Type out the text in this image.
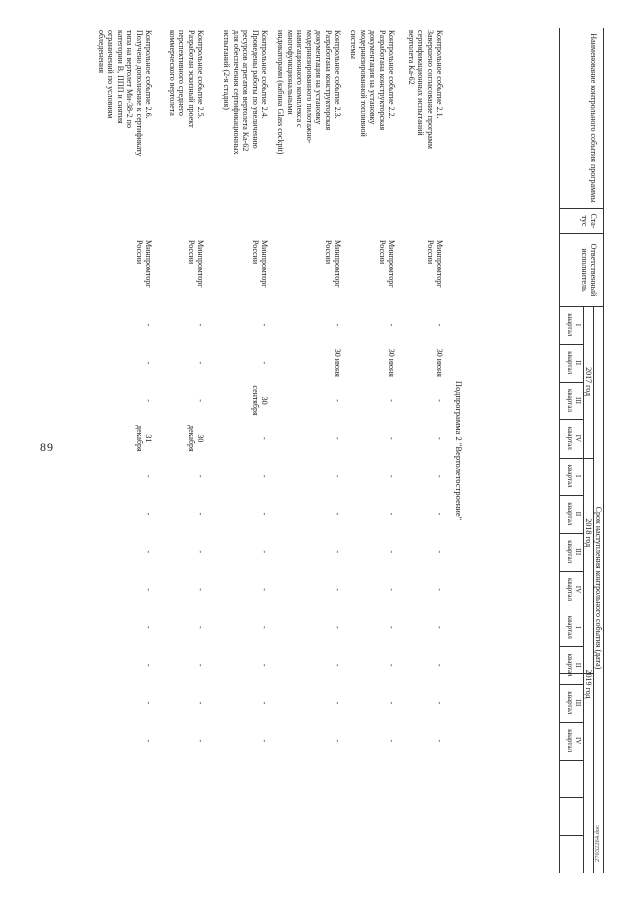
89
27032264.doc
Наименование контрольного события программы
Ста- тус
Ответственный исполнитель
Срок наступления контрольного события (дата)
2017 год
2018 год
2019 год
I
квартал
II
квартал
III
квартал
IV
квартал
I
квартал
II
квартал
III
квартал
IV
квартал
I
квартал
II
квартал
III
квартал
IV
квартал
Подпрограмма 2 "Вертолетостроение"
Контрольное событие 2.1.
Завершено согласование программ
сертификационных испытаний
вертолета Ка-62
Минпромторг
России
-
30 июня
-
-
-
-
-
-
-
-
-
-
Контрольное событие 2.2.
Разработана конструкторская
документация на установку
модернизированной топливной
системы
Минпромторг
России
-
30 июня
-
-
-
-
-
-
-
-
-
-
Контрольное событие 2.3.
Разработана конструкторская
документация на установку
модернизированного пилотажно-
навигационного комплекса с
многофункциональными
индикаторами (кабина Glass cockpit)
Минпромторг
России
-
30 июня
-
-
-
-
-
-
-
-
-
-
Контрольное событие 2.4.
Проведены работы по увеличению
ресурсов агрегатов вертолета Ка-62
для обеспечения сертификационных
испытаний (2-я стадия)
Минпромторг
России
-
-
30 сентября
-
-
-
-
-
-
-
-
-
Контрольное событие 2.5.
Разработан эскизный проект
перспективного среднего
коммерческого вертолета
Минпромторг
России
-
-
-
30 декабря
-
-
-
-
-
-
-
-
Контрольное событие 2.6.
Получено дополнение к сертификату
типа на вертолет Ми-38-2 по
категории В, ППП и снятия
ограничений по условиям
обледенения
Минпромторг
России
-
-
-
31 декабря
-
-
-
-
-
-
-
-
